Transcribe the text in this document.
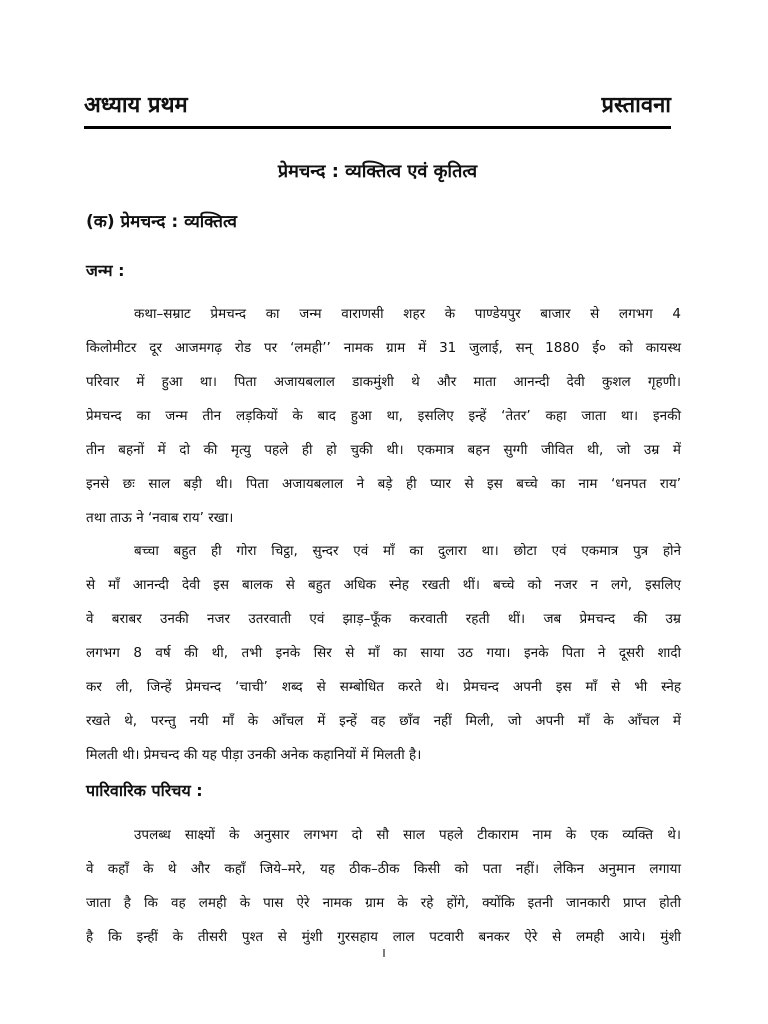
अध्याय प्रथम	प्रस्तावना
प्रेमचन्द : व्यक्तित्व एवं कृतित्व
(क) प्रेमचन्द : व्यक्तित्व
जन्म :
कथा–सम्राट प्रेमचन्द का जन्म वाराणसी शहर के पाण्डेयपुर बाजार से लगभग 4
किलोमीटर दूर आजमगढ़ रोड पर ‘लमही’’ नामक ग्राम में 31 जुलाई, सन् 1880 ई० को कायस्थ
परिवार में हुआ था। पिता अजायबलाल डाकमुंशी थे और माता आनन्दी देवी कुशल गृहणी।
प्रेमचन्द का जन्म तीन लड़कियों के बाद हुआ था, इसलिए इन्हें ‘तेतर’ कहा जाता था। इनकी
तीन बहनों में दो की मृत्यु पहले ही हो चुकी थी। एकमात्र बहन सुग्गी जीवित थी, जो उम्र में
इनसे छः साल बड़ी थी। पिता अजायबलाल ने बड़े ही प्यार से इस बच्चे का नाम ‘धनपत राय’
तथा ताऊ ने ‘नवाब राय’ रखा।
बच्चा बहुत ही गोरा चिट्ठा, सुन्दर एवं माँ का दुलारा था। छोटा एवं एकमात्र पुत्र होने
से माँ आनन्दी देवी इस बालक से बहुत अधिक स्नेह रखती थीं। बच्चे को नजर न लगे, इसलिए
वे बराबर उनकी नजर उतरवाती एवं झाड़–फूँक करवाती रहती थीं। जब प्रेमचन्द की उम्र
लगभग 8 वर्ष की थी, तभी इनके सिर से माँ का साया उठ गया। इनके पिता ने दूसरी शादी
कर ली, जिन्हें प्रेमचन्द ‘चाची’ शब्द से सम्बोधित करते थे। प्रेमचन्द अपनी इस माँ से भी स्नेह
रखते थे, परन्तु नयी माँ के आँचल में इन्हें वह छाँव नहीं मिली, जो अपनी माँ के आँचल में
मिलती थी। प्रेमचन्द की यह पीड़ा उनकी अनेक कहानियों में मिलती है।
पारिवारिक परिचय :
उपलब्ध साक्ष्यों के अनुसार लगभग दो सौ साल पहले टीकाराम नाम के एक व्यक्ति थे।
वे कहाँ के थे और कहाँ जिये–मरे, यह ठीक–ठीक किसी को पता नहीं। लेकिन अनुमान लगाया
जाता है कि वह लमही के पास ऐरे नामक ग्राम के रहे होंगे, क्योंकि इतनी जानकारी प्राप्त होती
है कि इन्हीं के तीसरी पुश्त से मुंशी गुरसहाय लाल पटवारी बनकर ऐरे से लमही आये। मुंशी
I
